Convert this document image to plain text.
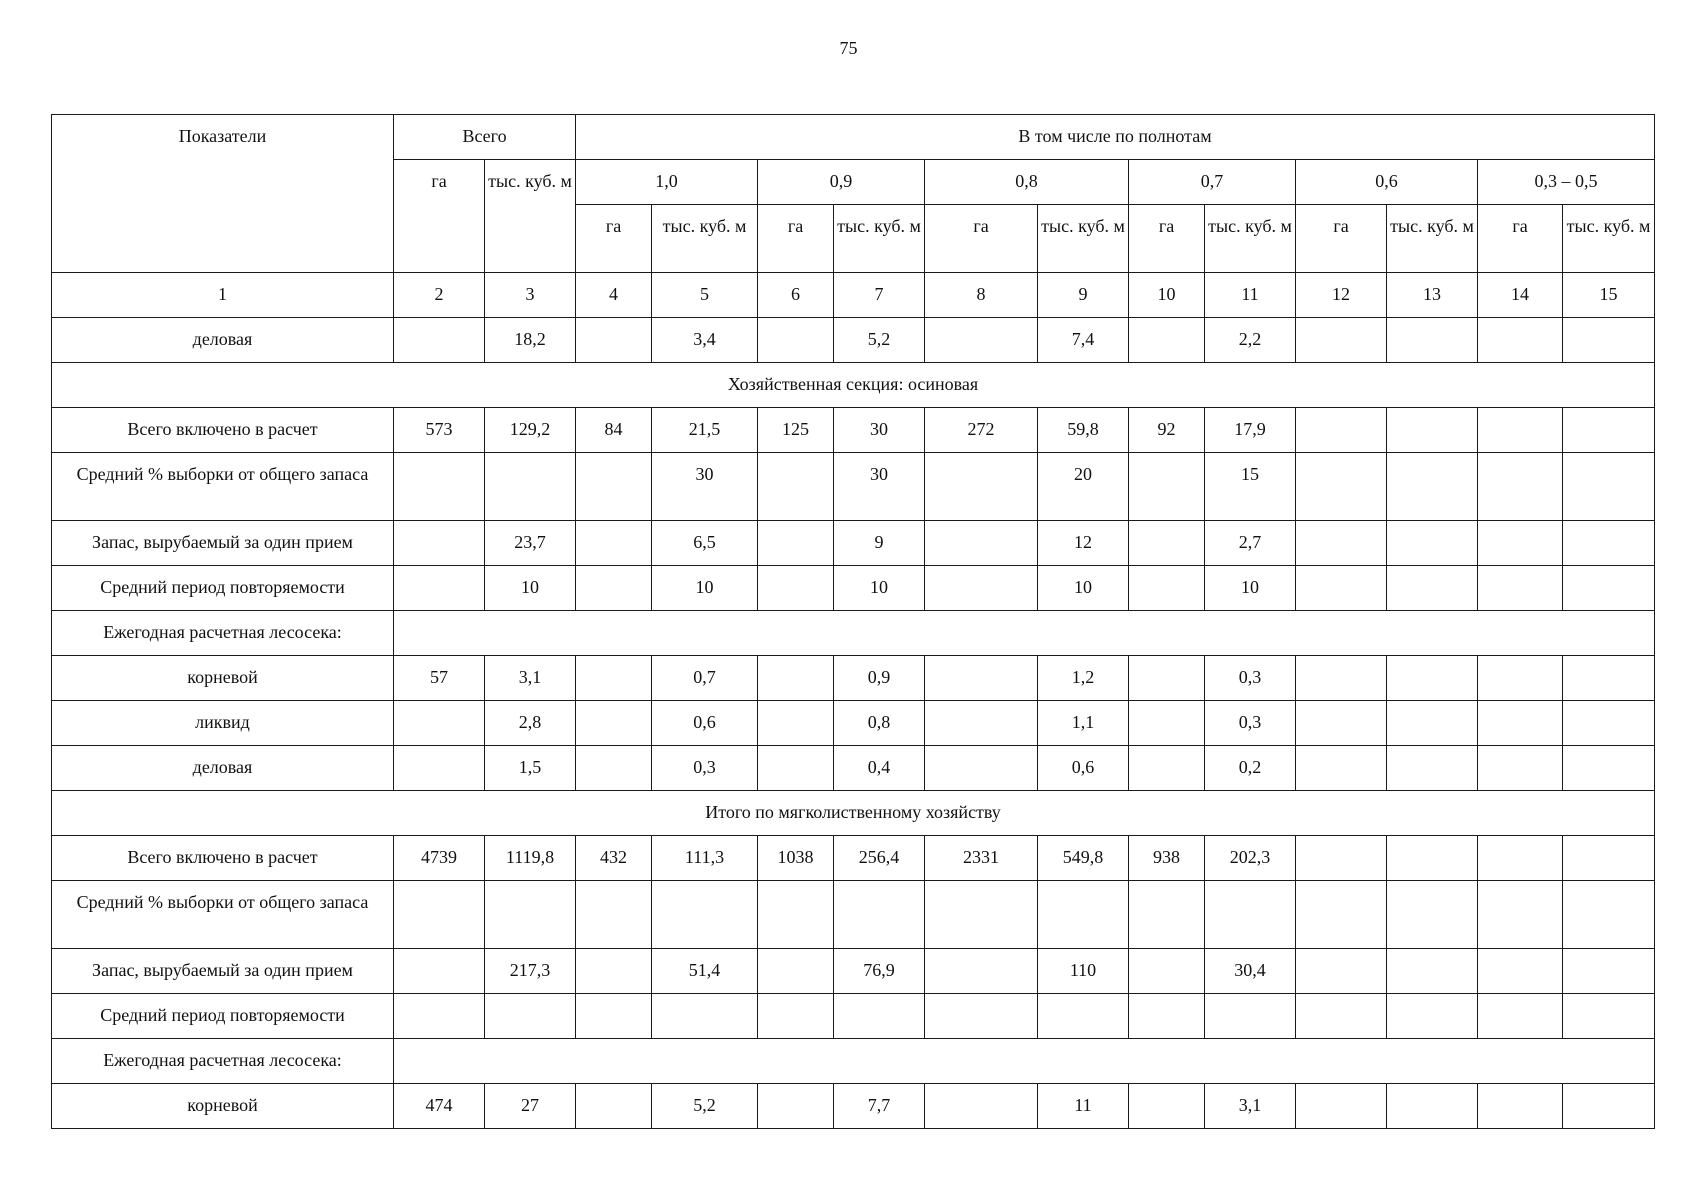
75
Показатели	Всего		В том числе по полнотам											
	га	тыс. куб. м	1,0		0,9		0,8		0,7		0,6		0,3 – 0,5	
			га	тыс. куб. м	га	тыс. куб. м	га	тыс. куб. м	га	тыс. куб. м	га	тыс. куб. м	га	тыс. куб. м
1	2	3	4	5	6	7	8	9	10	11	12	13	14	15
деловая		18,2		3,4		5,2		7,4		2,2				
Хозяйственная секция: осиновая														
Всего включено в расчет	573	129,2	84	21,5	125	30	272	59,8	92	17,9				
Средний % выборки от общего запаса				30		30		20		15				
Запас, вырубаемый за один прием		23,7		6,5		9		12		2,7				
Средний период повторяемости		10		10		10		10		10				
Ежегодная расчетная лесосека:														
корневой	57	3,1		0,7		0,9		1,2		0,3				
ликвид		2,8		0,6		0,8		1,1		0,3				
деловая		1,5		0,3		0,4		0,6		0,2				
Итого по мягколиственному хозяйству														
Всего включено в расчет	4739	1119,8	432	111,3	1038	256,4	2331	549,8	938	202,3				
Средний % выборки от общего запаса														
Запас, вырубаемый за один прием		217,3		51,4		76,9		110		30,4				
Средний период повторяемости														
Ежегодная расчетная лесосека:														
корневой	474	27		5,2		7,7		11		3,1				
